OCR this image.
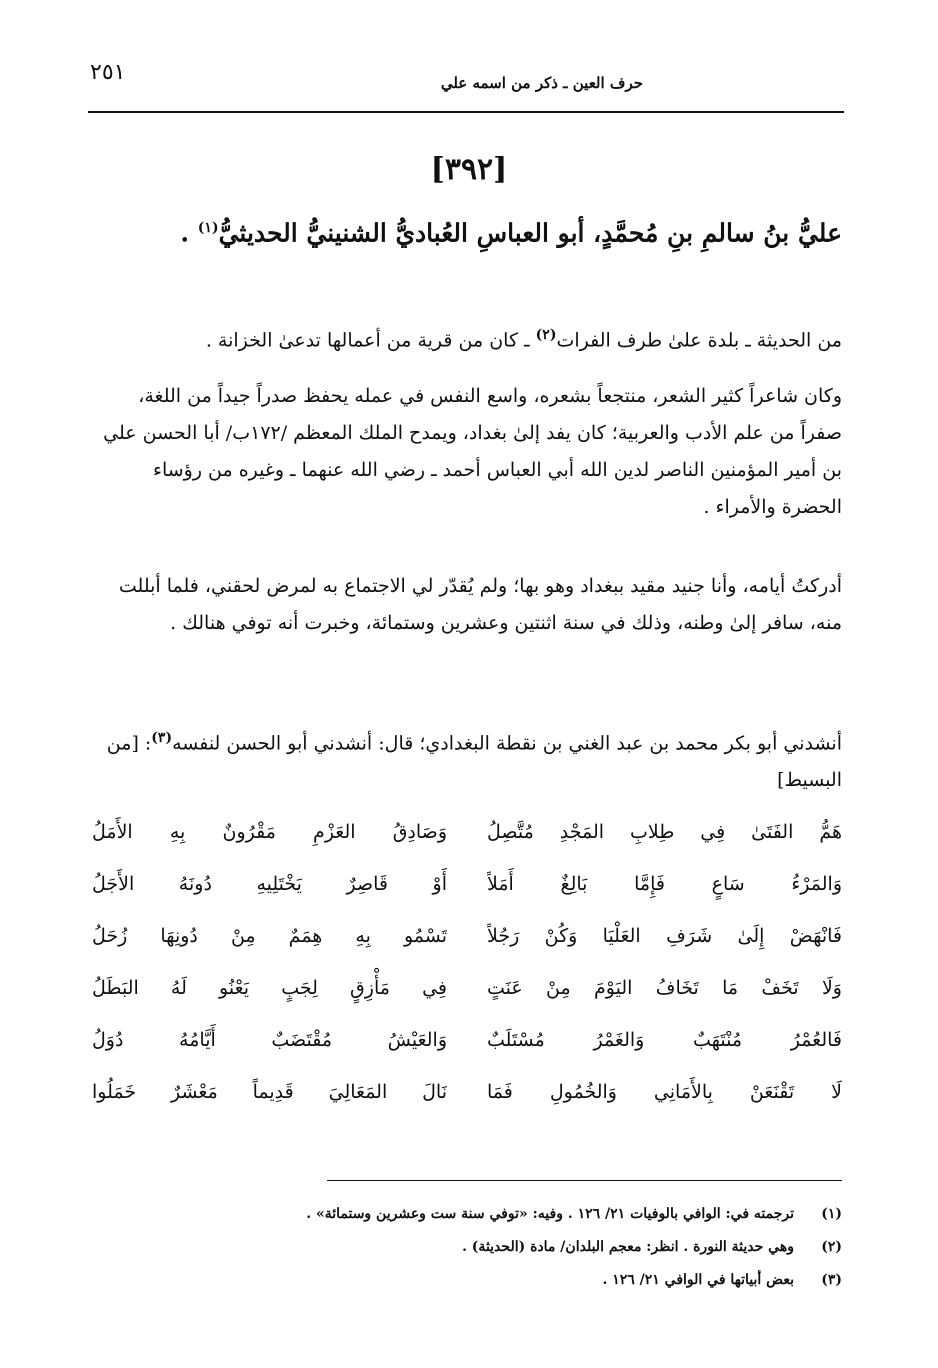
٢٥١	حرف العين ـ ذكر من اسمه علي
[٣٩٢]
عليُّ بنُ سالمِ بنِ مُحمَّدٍ، أبو العباسِ العُباديُّ الشنينيُّ الحديثيُّ$^{(١)}$ .
من الحديثة ـ بلدة علىٰ طرف الفرات$^{(٢)}$ ـ كان من قرية من أعمالها تدعىٰ الخزانة .
وكان شاعراً كثير الشعر، منتجعاً بشعره، واسع النفس في عمله يحفظ صدراً جيداً من اللغة، صفراً من علم الأدب والعربية؛ كان يفد إلىٰ بغداد، ويمدح الملك المعظم /١٧٢ب/ أبا الحسن علي بن أمير المؤمنين الناصر لدين الله أبي العباس أحمد ـ رضي الله عنهما ـ وغيره من رؤساء الحضرة والأمراء .
أدركتُ أيامه، وأنا جنيد مقيد ببغداد وهو بها؛ ولم يُقدّر لي الاجتماع به لمرض لحقني، فلما أبللت منه، سافر إلىٰ وطنه، وذلك في سنة اثنتين وعشرين وستمائة، وخبرت أنه توفي هنالك .
أنشدني أبو بكر محمد بن عبد الغني بن نقطة البغدادي؛ قال: أنشدني أبو الحسن لنفسه$^{(٣)}$: [من البسيط]
هَمُّ الفَتَىٰ فِي طِلابِ المَجْدِ مُتَّصِلُ
وَصَادِقُ العَزْمِ مَقْرُونٌ بِهِ الأَمَلُ
وَالمَرْءُ سَاعٍ فَإِمَّا بَالِغٌ أَمَلاً
أَوْ قَاصِرٌ يَخْتَلِيهِ دُونَهُ الأَجَلُ
فَانْهَضْ إِلَىٰ شَرَفِ العَلْيَا وَكُنْ رَجُلاً
تَسْمُو بِهِ هِمَمٌ مِنْ دُونِهَا زُحَلُ
وَلَا تَخَفْ مَا تَخَافُ اليَوْمَ مِنْ عَنَتٍ
فِي مَأْزِقٍ لِجَبٍ يَعْنُو لَهُ البَطَلُ
فَالعُمْرُ مُنْتَهَبٌ وَالغَمْرُ مُسْتَلَبٌ
وَالعَيْشُ مُقْتَضَبٌ أَيَّامُهُ دُوَلُ
لَا تَقْنَعَنْ بِالأَمَانِي وَالخُمُولِ فَمَا
نَالَ المَعَالِيَ قَدِيماً مَعْشَرٌ خَمَلُوا
(١)
ترجمته في: الوافي بالوفيات ٢١/ ١٢٦ . وفيه: «توفي سنة ست وعشرين وستمائة» .
(٢)
وهي حديثة النورة . انظر: معجم البلدان/ مادة (الحديثة) .
(٣)
بعض أبياتها في الوافي ٢١/ ١٢٦ .
